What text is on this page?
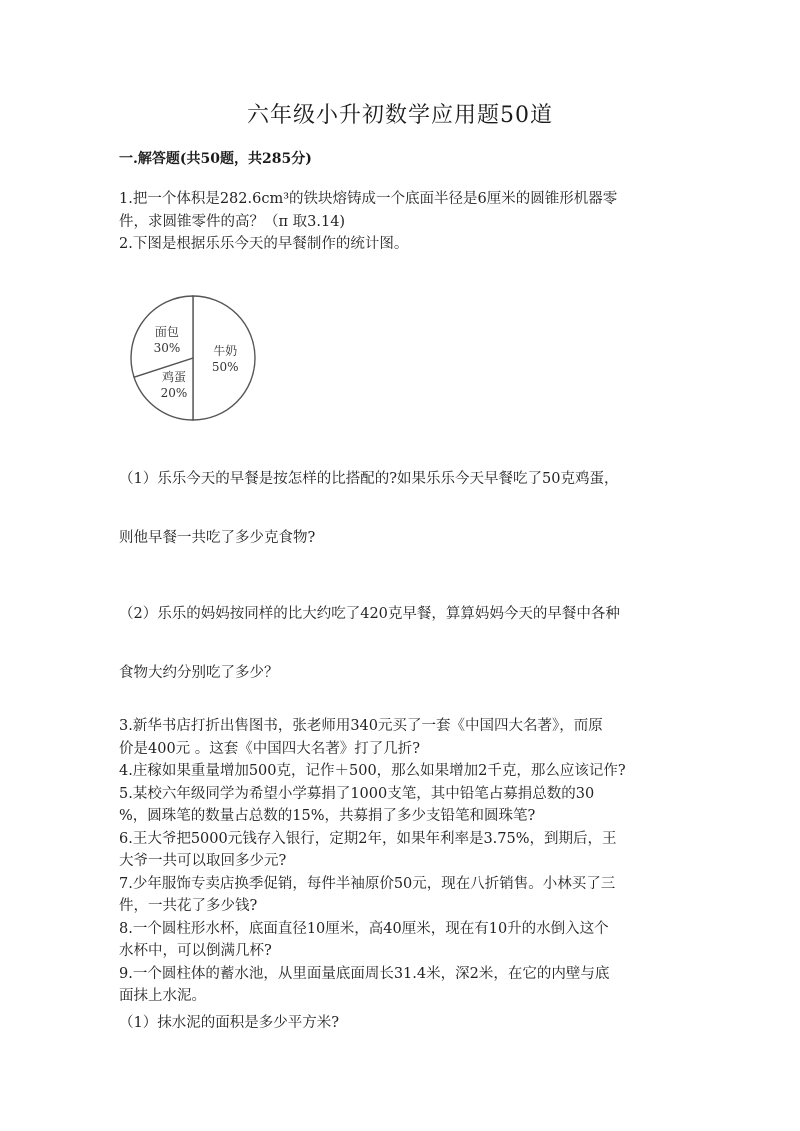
六年级小升初数学应用题50道
一.解答题(共50题，共285分)
1.把一个体积是282.6cm³的铁块熔铸成一个底面半径是6厘米的圆锥形机器零
件，求圆锥零件的高？（π 取3.14)
2.下图是根据乐乐今天的早餐制作的统计图。
牛奶
50%
鸡蛋
20%
面包
30%
（1）乐乐今天的早餐是按怎样的比搭配的?如果乐乐今天早餐吃了50克鸡蛋，
则他早餐一共吃了多少克食物?
（2）乐乐的妈妈按同样的比大约吃了420克早餐，算算妈妈今天的早餐中各种
食物大约分别吃了多少？
3.新华书店打折出售图书，张老师用340元买了一套《中国四大名著》，而原
价是400元 。这套《中国四大名著》打了几折?
4.庄稼如果重量增加500克，记作＋500，那么如果增加2千克，那么应该记作?
5.某校六年级同学为希望小学募捐了1000支笔，其中铅笔占募捐总数的30
%，圆珠笔的数量占总数的15%，共募捐了多少支铅笔和圆珠笔?
6.王大爷把5000元钱存入银行，定期2年，如果年利率是3.75%，到期后，王
大爷一共可以取回多少元?
7.少年服饰专卖店换季促销，每件半袖原价50元，现在八折销售。小林买了三
件，一共花了多少钱?
8.一个圆柱形水杯，底面直径10厘米，高40厘米，现在有10升的水倒入这个
水杯中，可以倒满几杯?
9.一个圆柱体的蓄水池，从里面量底面周长31.4米，深2米，在它的内壁与底
面抹上水泥。
（1）抹水泥的面积是多少平方米?
